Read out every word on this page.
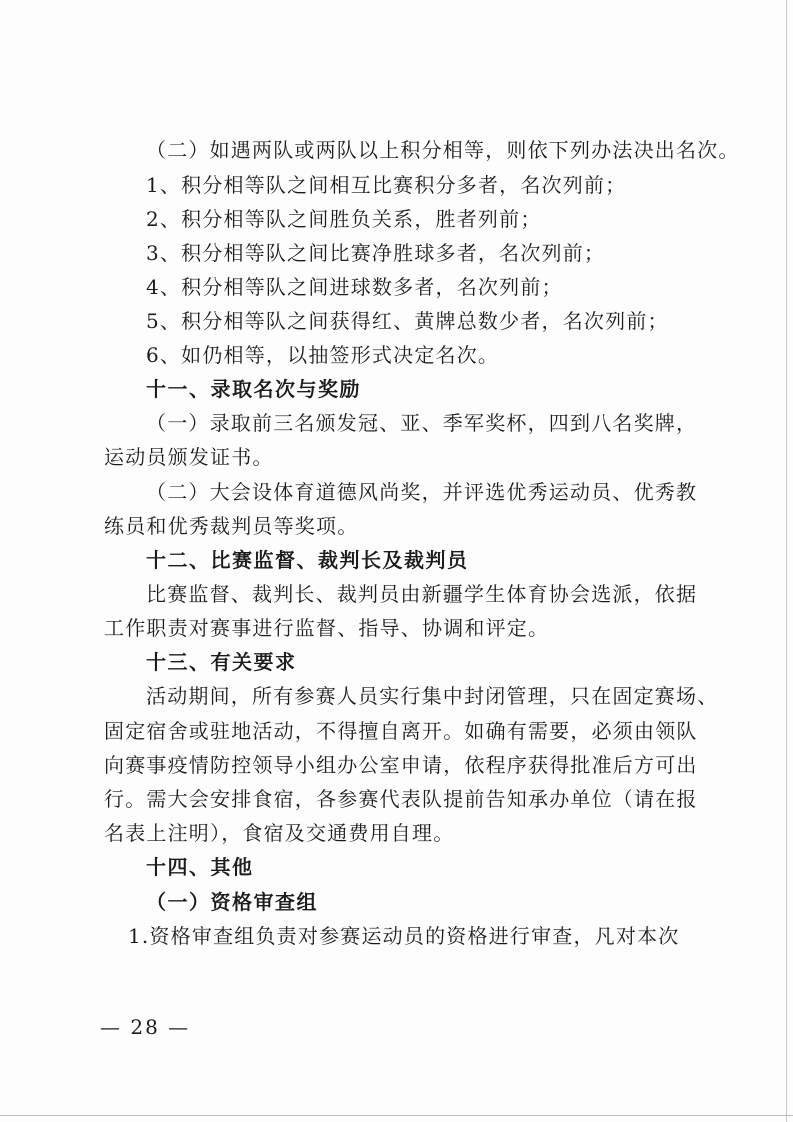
（二）如遇两队或两队以上积分相等，则依下列办法决出名次。
1、积分相等队之间相互比赛积分多者，名次列前；
2、积分相等队之间胜负关系，胜者列前；
3、积分相等队之间比赛净胜球多者，名次列前；
4、积分相等队之间进球数多者，名次列前；
5、积分相等队之间获得红、黄牌总数少者，名次列前；
6、如仍相等，以抽签形式决定名次。
十一、录取名次与奖励
（一）录取前三名颁发冠、亚、季军奖杯，四到八名奖牌，
运动员颁发证书。
（二）大会设体育道德风尚奖，并评选优秀运动员、优秀教
练员和优秀裁判员等奖项。
十二、比赛监督、裁判长及裁判员
比赛监督、裁判长、裁判员由新疆学生体育协会选派，依据
工作职责对赛事进行监督、指导、协调和评定。
十三、有关要求
活动期间，所有参赛人员实行集中封闭管理，只在固定赛场、
固定宿舍或驻地活动，不得擅自离开。如确有需要，必须由领队
向赛事疫情防控领导小组办公室申请，依程序获得批准后方可出
行。需大会安排食宿，各参赛代表队提前告知承办单位（请在报
名表上注明），食宿及交通费用自理。
十四、其他
（一）资格审查组
1.资格审查组负责对参赛运动员的资格进行审查，凡对本次
— 28 —
